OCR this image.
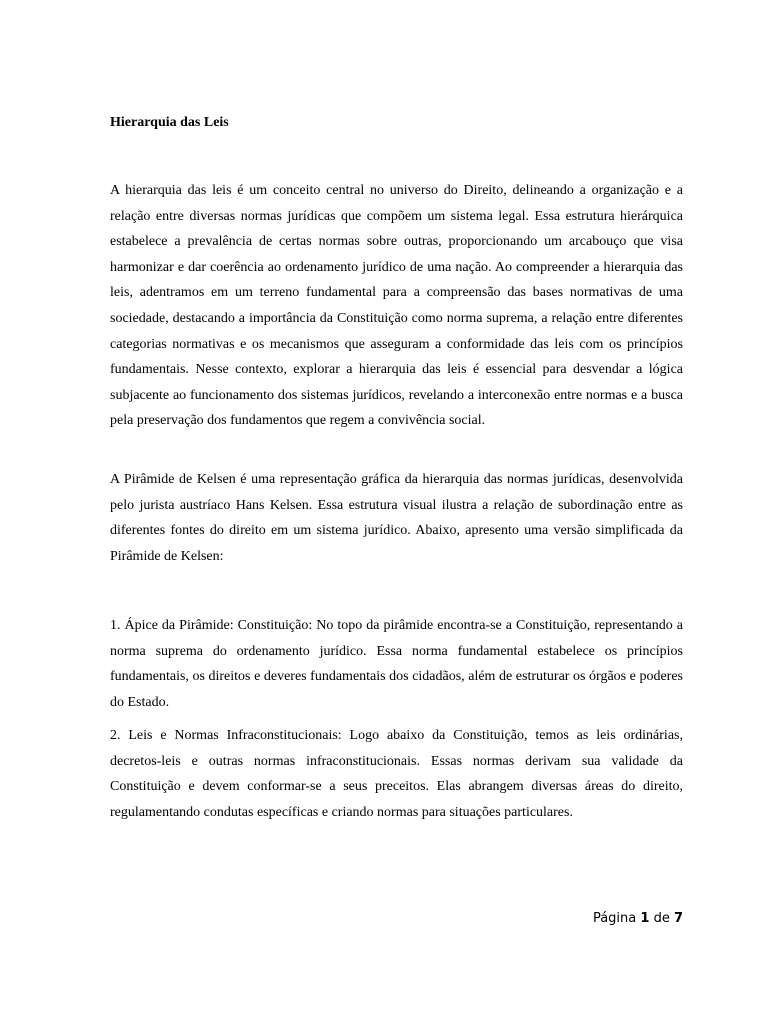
Hierarquia das Leis

A hierarquia das leis é um conceito central no universo do Direito, delineando a organização e a relação entre diversas normas jurídicas que compõem um sistema legal. Essa estrutura hierárquica estabelece a prevalência de certas normas sobre outras, proporcionando um arcabouço que visa harmonizar e dar coerência ao ordenamento jurídico de uma nação. Ao compreender a hierarquia das leis, adentramos em um terreno fundamental para a compreensão das bases normativas de uma sociedade, destacando a importância da Constituição como norma suprema, a relação entre diferentes categorias normativas e os mecanismos que asseguram a conformidade das leis com os princípios fundamentais. Nesse contexto, explorar a hierarquia das leis é essencial para desvendar a lógica subjacente ao funcionamento dos sistemas jurídicos, revelando a interconexão entre normas e a busca pela preservação dos fundamentos que regem a convivência social.

A Pirâmide de Kelsen é uma representação gráfica da hierarquia das normas jurídicas, desenvolvida pelo jurista austríaco Hans Kelsen. Essa estrutura visual ilustra a relação de subordinação entre as diferentes fontes do direito em um sistema jurídico. Abaixo, apresento uma versão simplificada da Pirâmide de Kelsen:

1. Ápice da Pirâmide: Constituição: No topo da pirâmide encontra-se a Constituição, representando a norma suprema do ordenamento jurídico. Essa norma fundamental estabelece os princípios fundamentais, os direitos e deveres fundamentais dos cidadãos, além de estruturar os órgãos e poderes do Estado.

2. Leis e Normas Infraconstitucionais: Logo abaixo da Constituição, temos as leis ordinárias, decretos-leis e outras normas infraconstitucionais. Essas normas derivam sua validade da Constituição e devem conformar-se a seus preceitos. Elas abrangem diversas áreas do direito, regulamentando condutas específicas e criando normas para situações particulares.

Página 1 de 7
